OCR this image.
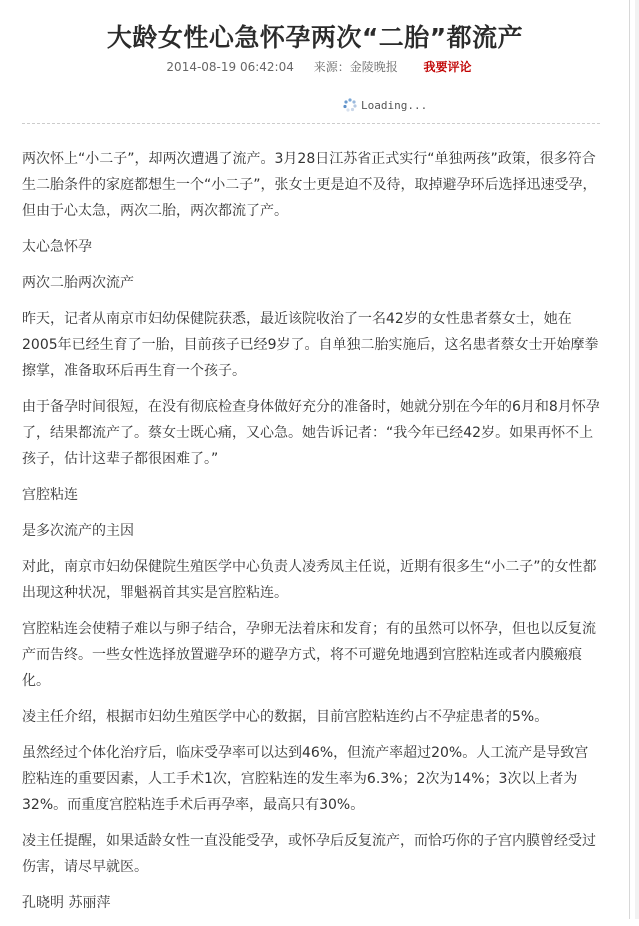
大龄女性心急怀孕两次“二胎”都流产
2014-08-19 06:42:04 来源：金陵晚报 我要评论
Loading...

两次怀上“小二子”，却两次遭遇了流产。3月28日江苏省正式实行“单独两孩”政策，很多符合生二胎条件的家庭都想生一个“小二子”，张女士更是迫不及待，取掉避孕环后选择迅速受孕，但由于心太急，两次二胎，两次都流了产。

太心急怀孕

两次二胎两次流产

昨天，记者从南京市妇幼保健院获悉，最近该院收治了一名42岁的女性患者蔡女士，她在2005年已经生育了一胎，目前孩子已经9岁了。自单独二胎实施后，这名患者蔡女士开始摩拳擦掌，准备取环后再生育一个孩子。

由于备孕时间很短，在没有彻底检查身体做好充分的准备时，她就分别在今年的6月和8月怀孕了，结果都流产了。蔡女士既心痛，又心急。她告诉记者：“我今年已经42岁。如果再怀不上孩子，估计这辈子都很困难了。”

宫腔粘连

是多次流产的主因

对此，南京市妇幼保健院生殖医学中心负责人凌秀凤主任说，近期有很多生“小二子”的女性都出现这种状况，罪魁祸首其实是宫腔粘连。

宫腔粘连会使精子难以与卵子结合，孕卵无法着床和发育；有的虽然可以怀孕，但也以反复流产而告终。一些女性选择放置避孕环的避孕方式，将不可避免地遇到宫腔粘连或者内膜瘢痕化。

凌主任介绍，根据市妇幼生殖医学中心的数据，目前宫腔粘连约占不孕症患者的5%。

虽然经过个体化治疗后，临床受孕率可以达到46%，但流产率超过20%。人工流产是导致宫腔粘连的重要因素，人工手术1次，宫腔粘连的发生率为6.3%；2次为14%；3次以上者为32%。而重度宫腔粘连手术后再孕率，最高只有30%。

凌主任提醒，如果适龄女性一直没能受孕，或怀孕后反复流产，而恰巧你的子宫内膜曾经受过伤害，请尽早就医。

孔晓明 苏丽萍
